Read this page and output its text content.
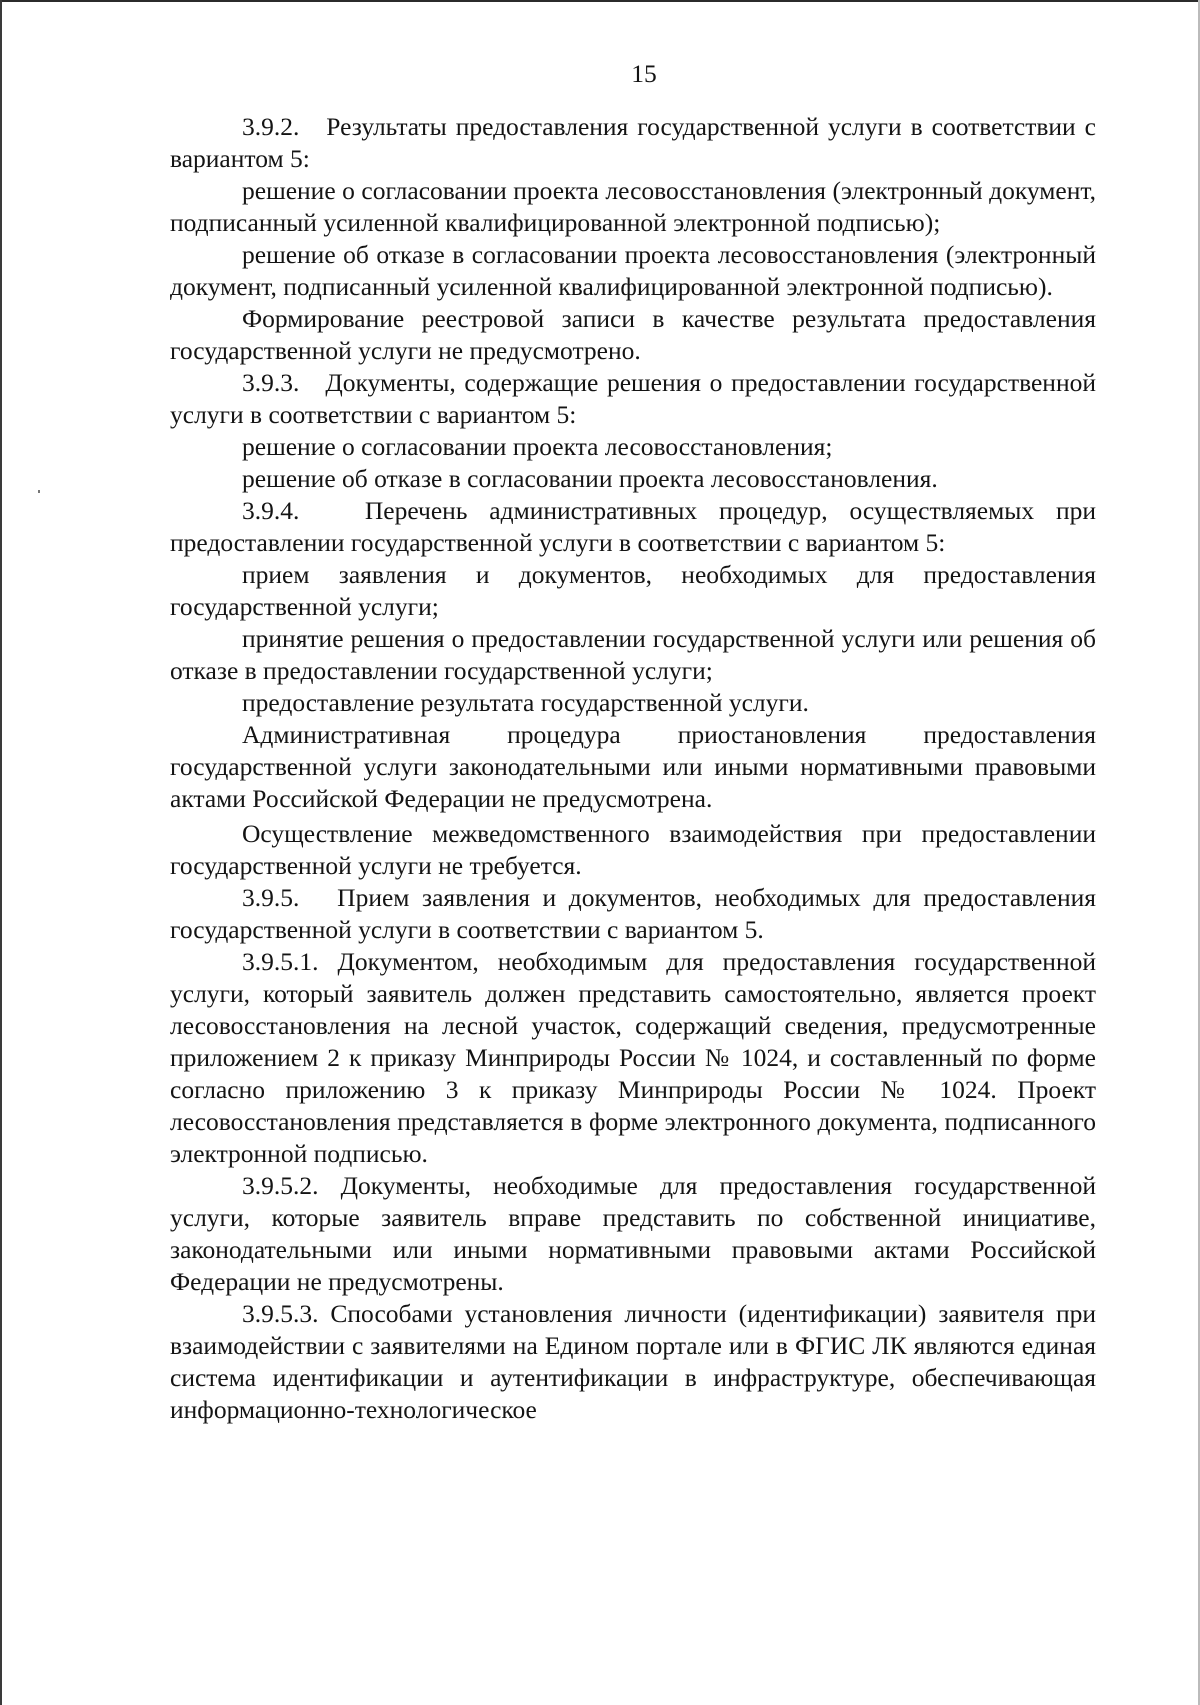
15

3.9.2.   Результаты предоставления государственной услуги в соответствии с вариантом 5:

решение о согласовании проекта лесовосстановления (электронный документ, подписанный усиленной квалифицированной электронной подписью);

решение об отказе в согласовании проекта лесовосстановления (электронный документ, подписанный усиленной квалифицированной электронной подписью).

Формирование реестровой записи в качестве результата предоставления государственной услуги не предусмотрено.

3.9.3.   Документы, содержащие решения о предоставлении государственной услуги в соответствии с вариантом 5:

решение о согласовании проекта лесовосстановления;

решение об отказе в согласовании проекта лесовосстановления.

3.9.4.   Перечень административных процедур, осуществляемых при предоставлении государственной услуги в соответствии с вариантом 5:

прием заявления и документов, необходимых для предоставления государственной услуги;

принятие решения о предоставлении государственной услуги или решения об отказе в предоставлении государственной услуги;

предоставление результата государственной услуги.

Административная процедура приостановления предоставления государственной услуги законодательными или иными нормативными правовыми актами Российской Федерации не предусмотрена.

Осуществление межведомственного взаимодействия при предоставлении государственной услуги не требуется.

3.9.5.   Прием заявления и документов, необходимых для предоставления государственной услуги в соответствии с вариантом 5.

3.9.5.1. Документом, необходимым для предоставления государственной услуги, который заявитель должен представить самостоятельно, является проект лесовосстановления на лесной участок, содержащий сведения, предусмотренные приложением 2 к приказу Минприроды России № 1024, и составленный по форме согласно приложению 3 к приказу Минприроды России № 1024. Проект лесовосстановления представляется в форме электронного документа, подписанного электронной подписью.

3.9.5.2. Документы, необходимые для предоставления государственной услуги, которые заявитель вправе представить по собственной инициативе, законодательными или иными нормативными правовыми актами Российской Федерации не предусмотрены.

3.9.5.3. Способами установления личности (идентификации) заявителя при взаимодействии с заявителями на Едином портале или в ФГИС ЛК являются единая система идентификации и аутентификации в инфраструктуре, обеспечивающая информационно-технологическое
